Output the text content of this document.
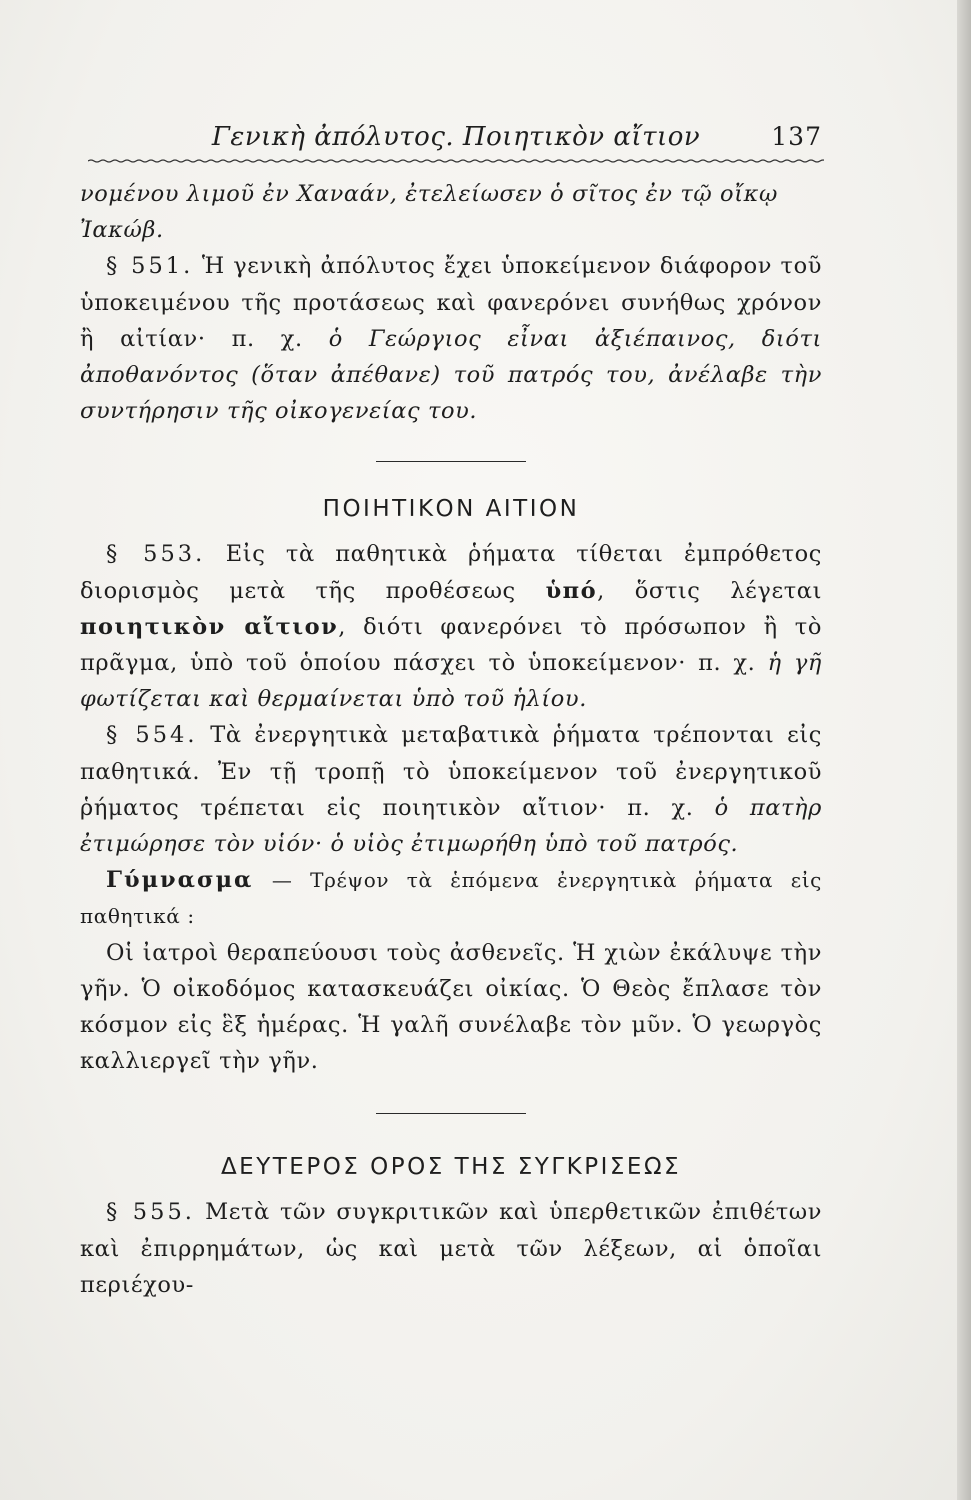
Γενικὴ ἀπόλυτος. Ποιητικὸν αἴτιον	137

νομένου λιμοῦ ἐν Χαναάν, ἐτελείωσεν ὁ σῖτος ἐν τῷ οἴκῳ
Ἰακώβ.

§ 551. Ἡ γενικὴ ἀπόλυτος ἔχει ὑποκείμενον διάφορον τοῦ ὑποκειμένου τῆς προτάσεως καὶ φανερόνει συνήθως χρόνον ἢ αἰτίαν· π. χ. ὁ Γεώργιος εἶναι ἀξιέπαινος, διότι ἀποθανόντος (ὅταν ἀπέθανε) τοῦ πατρός του, ἀνέλαβε τὴν συντήρησιν τῆς οἰκογενείας του.

ΠΟΙΗΤΙΚΟΝ ΑΙΤΙΟΝ

§ 553. Εἰς τὰ παθητικὰ ῥήματα τίθεται ἐμπρόθετος διορισμὸς μετὰ τῆς προθέσεως ὑπό, ὅστις λέγεται ποιητικὸν αἴτιον, διότι φανερόνει τὸ πρόσωπον ἢ τὸ πρᾶγμα, ὑπὸ τοῦ ὁποίου πάσχει τὸ ὑποκείμενον· π. χ. ἡ γῆ φωτίζεται καὶ θερμαίνεται ὑπὸ τοῦ ἡλίου.

§ 554. Τὰ ἐνεργητικὰ μεταβατικὰ ῥήματα τρέπονται εἰς παθητικά. Ἐν τῇ τροπῇ τὸ ὑποκείμενον τοῦ ἐνεργητικοῦ ῥήματος τρέπεται εἰς ποιητικὸν αἴτιον· π. χ. ὁ πατὴρ ἐτιμώρησε τὸν υἱόν· ὁ υἱὸς ἐτιμωρήθη ὑπὸ τοῦ πατρός.

Γύμνασμα — Τρέψον τὰ ἑπόμενα ἐνεργητικὰ ῥήματα εἰς παθητικά :

Οἱ ἰατροὶ θεραπεύουσι τοὺς ἀσθενεῖς. Ἡ χιὼν ἐκάλυψε τὴν γῆν. Ὁ οἰκοδόμος κατασκευάζει οἰκίας. Ὁ Θεὸς ἔπλασε τὸν κόσμον εἰς ἓξ ἡμέρας. Ἡ γαλῆ συνέλαβε τὸν μῦν. Ὁ γεωργὸς καλλιεργεῖ τὴν γῆν.

ΔΕΥΤΕΡΟΣ ΟΡΟΣ ΤΗΣ ΣΥΓΚΡΙΣΕΩΣ

§ 555. Μετὰ τῶν συγκριτικῶν καὶ ὑπερθετικῶν ἐπιθέτων καὶ ἐπιρρημάτων, ὡς καὶ μετὰ τῶν λέξεων, αἱ ὁποῖαι περιέχου-
